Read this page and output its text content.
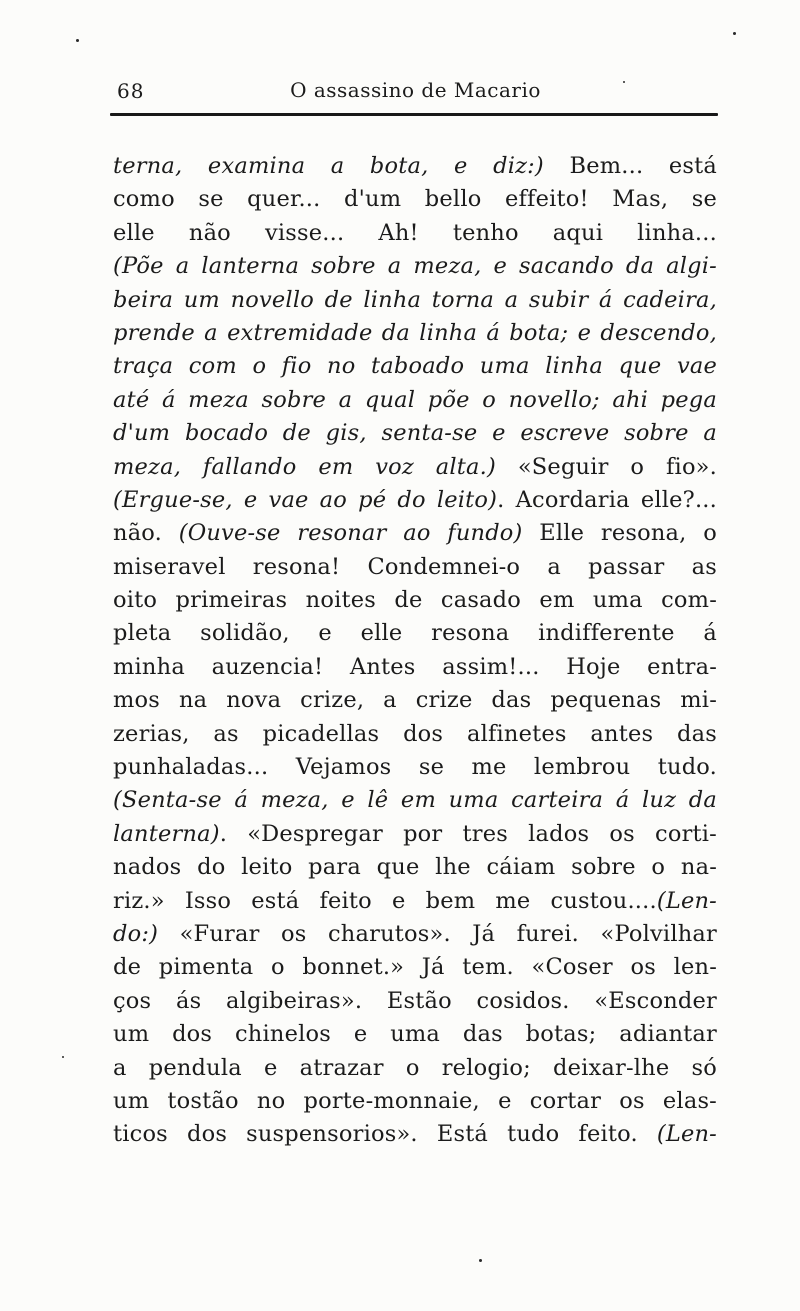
68	O assassino de Macario
terna, examina a bota, e diz:) Bem... está
como se quer... d'um bello effeito! Mas, se
elle não visse... Ah! tenho aqui linha...
(Põe a lanterna sobre a meza, e sacando da algi-
beira um novello de linha torna a subir á cadeira,
prende a extremidade da linha á bota; e descendo,
traça com o fio no taboado uma linha que vae
até á meza sobre a qual põe o novello; ahi pega
d'um bocado de gis, senta-se e escreve sobre a
meza, fallando em voz alta.) «Seguir o fio».
(Ergue-se, e vae ao pé do leito). Acordaria elle?...
não. (Ouve-se resonar ao fundo) Elle resona, o
miseravel resona! Condemnei-o a passar as
oito primeiras noites de casado em uma com-
pleta solidão, e elle resona indifferente á
minha auzencia! Antes assim!... Hoje entra-
mos na nova crize, a crize das pequenas mi-
zerias, as picadellas dos alfinetes antes das
punhaladas... Vejamos se me lembrou tudo.
(Senta-se á meza, e lê em uma carteira á luz da
lanterna). «Despregar por tres lados os corti-
nados do leito para que lhe cáiam sobre o na-
riz.» Isso está feito e bem me custou....(Len-
do:) «Furar os charutos». Já furei. «Polvilhar
de pimenta o bonnet.» Já tem. «Coser os len-
ços ás algibeiras». Estão cosidos. «Esconder
um dos chinelos e uma das botas; adiantar
a pendula e atrazar o relogio; deixar-lhe só
um tostão no porte-monnaie, e cortar os elas-
ticos dos suspensorios». Está tudo feito. (Len-
